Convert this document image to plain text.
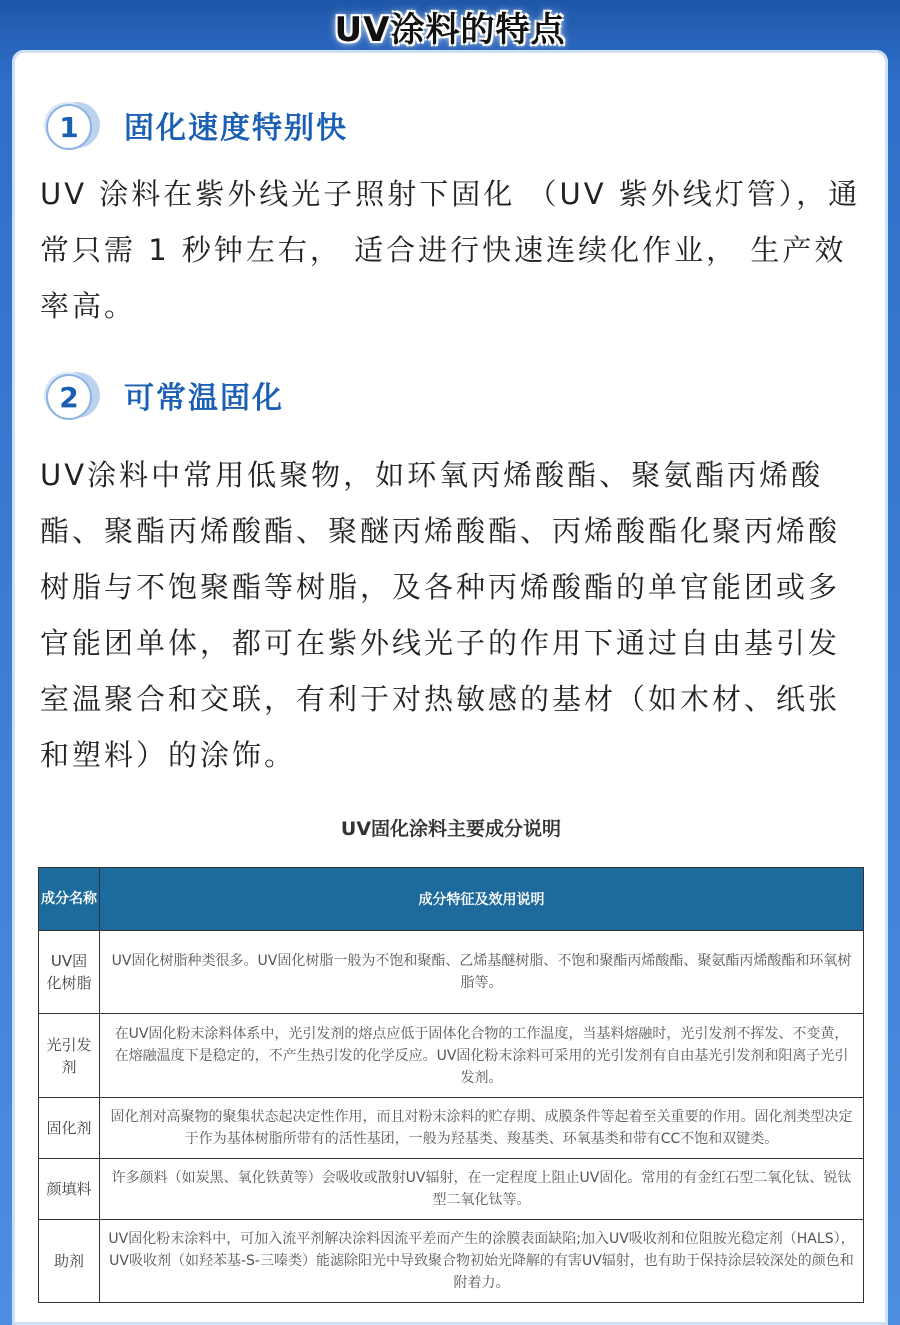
UV涂料的特点
1	固化速度特别快
UV 涂料在紫外线光子照射下固化 （UV 紫外线灯管），通常只需 1 秒钟左右， 适合进行快速连续化作业， 生产效率高。
2	可常温固化
UV涂料中常用低聚物，如环氧丙烯酸酯、聚氨酯丙烯酸酯、聚酯丙烯酸酯、聚醚丙烯酸酯、丙烯酸酯化聚丙烯酸树脂与不饱聚酯等树脂，及各种丙烯酸酯的单官能团或多官能团单体，都可在紫外线光子的作用下通过自由基引发室温聚合和交联，有利于对热敏感的基材（如木材、纸张和塑料）的涂饰。
UV固化涂料主要成分说明
成分名称	成分特征及效用说明
UV固化树脂	UV固化树脂种类很多。UV固化树脂一般为不饱和聚酯、乙烯基醚树脂、不饱和聚酯丙烯酸酯、聚氨酯丙烯酸酯和环氧树脂等。
光引发剂	在UV固化粉末涂料体系中，光引发剂的熔点应低于固体化合物的工作温度，当基料熔融时，光引发剂不挥发、不变黄，在熔融温度下是稳定的，不产生热引发的化学反应。UV固化粉末涂料可采用的光引发剂有自由基光引发剂和阳离子光引发剂。
固化剂	固化剂对高聚物的聚集状态起决定性作用，而且对粉末涂料的贮存期、成膜条件等起着至关重要的作用。固化剂类型决定于作为基体树脂所带有的活性基团，一般为羟基类、羧基类、环氧基类和带有CC不饱和双键类。
颜填料	许多颜料（如炭黑、氧化铁黄等）会吸收或散射UV辐射，在一定程度上阻止UV固化。常用的有金红石型二氧化钛、锐钛型二氧化钛等。
助剂	UV固化粉末涂料中，可加入流平剂解决涂料因流平差而产生的涂膜表面缺陷;加入UV吸收剂和位阻胺光稳定剂（HALS），UV吸收剂（如羟苯基-S-三嗪类）能滤除阳光中导致聚合物初始光降解的有害UV辐射，也有助于保持涂层较深处的颜色和附着力。
